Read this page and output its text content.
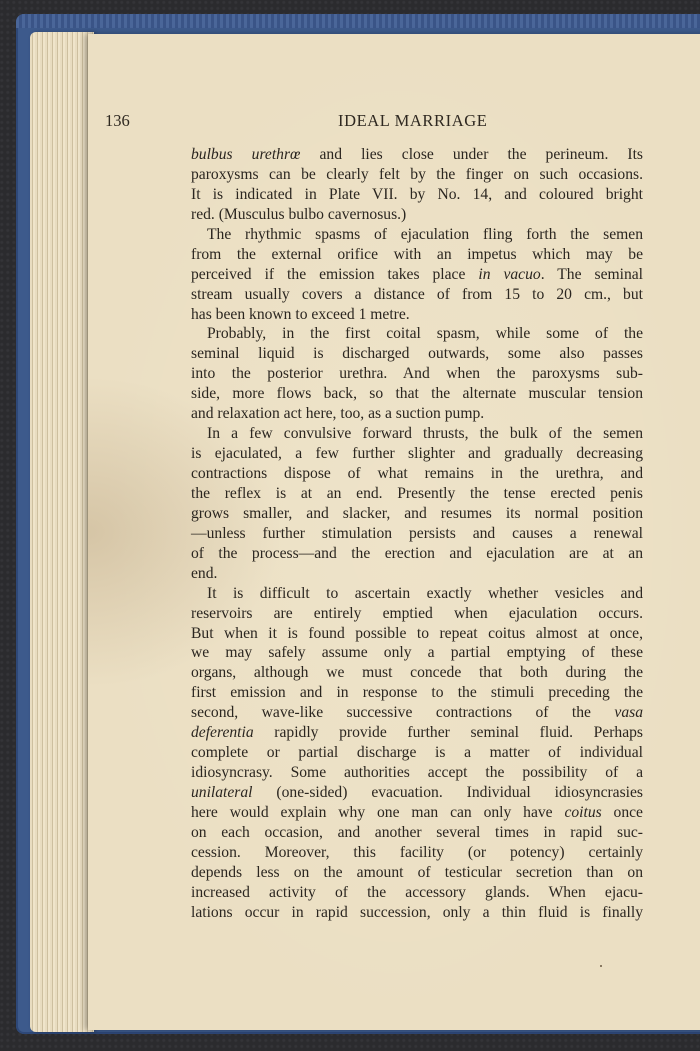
136	IDEAL MARRIAGE
bulbus urethrœ and lies close under the perineum. Its
paroxysms can be clearly felt by the finger on such occasions.
It is indicated in Plate VII. by No. 14, and coloured bright
red. (Musculus bulbo cavernosus.)
The rhythmic spasms of ejaculation fling forth the semen
from the external orifice with an impetus which may be
perceived if the emission takes place in vacuo. The seminal
stream usually covers a distance of from 15 to 20 cm., but
has been known to exceed 1 metre.
Probably, in the first coital spasm, while some of the
seminal liquid is discharged outwards, some also passes
into the posterior urethra. And when the paroxysms sub-
side, more flows back, so that the alternate muscular tension
and relaxation act here, too, as a suction pump.
In a few convulsive forward thrusts, the bulk of the semen
is ejaculated, a few further slighter and gradually decreasing
contractions dispose of what remains in the urethra, and
the reflex is at an end. Presently the tense erected penis
grows smaller, and slacker, and resumes its normal position
—unless further stimulation persists and causes a renewal
of the process—and the erection and ejaculation are at an
end.
It is difficult to ascertain exactly whether vesicles and
reservoirs are entirely emptied when ejaculation occurs.
But when it is found possible to repeat coitus almost at once,
we may safely assume only a partial emptying of these
organs, although we must concede that both during the
first emission and in response to the stimuli preceding the
second, wave-like successive contractions of the vasa
deferentia rapidly provide further seminal fluid. Perhaps
complete or partial discharge is a matter of individual
idiosyncrasy. Some authorities accept the possibility of a
unilateral (one-sided) evacuation. Individual idiosyncrasies
here would explain why one man can only have coitus once
on each occasion, and another several times in rapid suc-
cession. Moreover, this facility (or potency) certainly
depends less on the amount of testicular secretion than on
increased activity of the accessory glands. When ejacu-
lations occur in rapid succession, only a thin fluid is finally
